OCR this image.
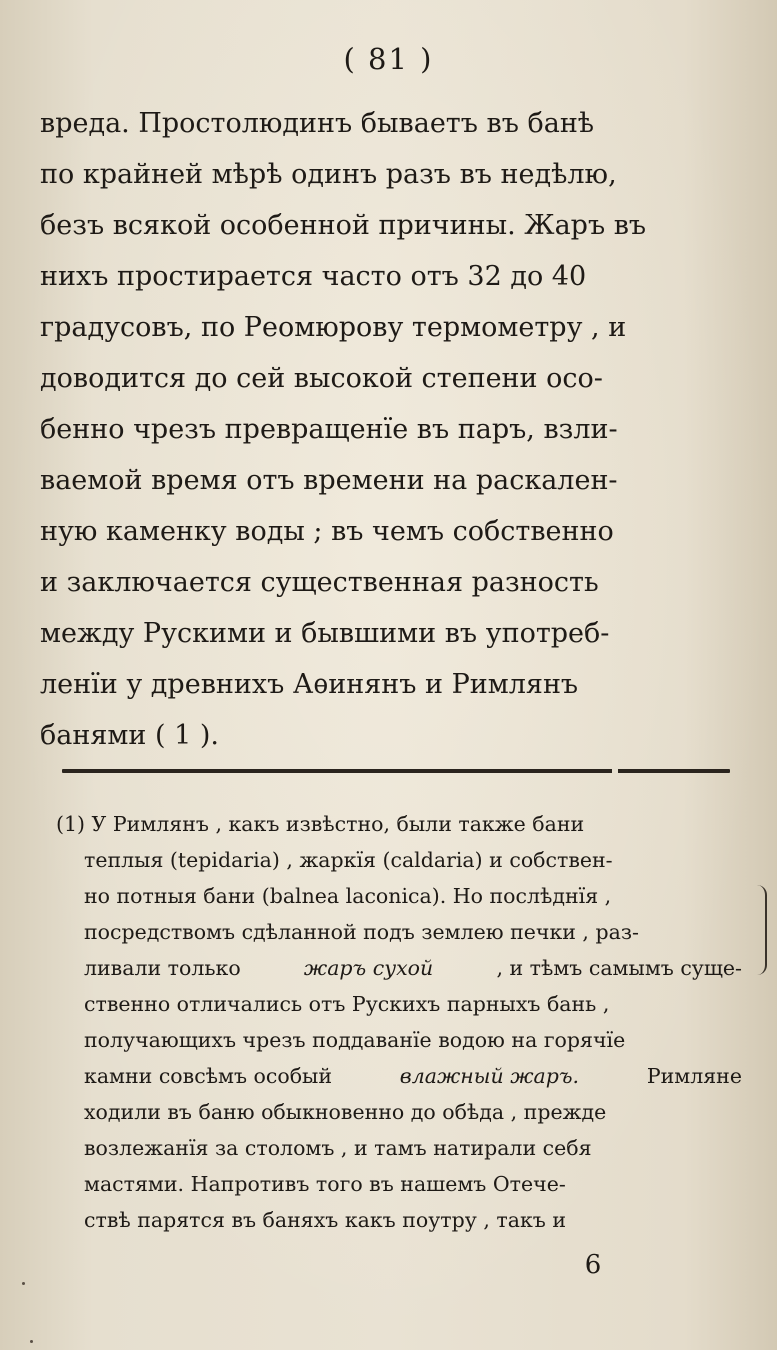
( 81 )
вреда. Простолюдинъ бываетъ въ банѣ
по крайней мѣрѣ одинъ разъ въ недѣлю,
безъ всякой особенной причины. Жаръ въ
нихъ простирается часто отъ 32 до 40
градусовъ, по Реомюрову термометру , и
доводится до сей высокой степени осо-
бенно чрезъ превращенїе въ паръ, взли-
ваемой время отъ времени на раскален-
ную каменку воды ; въ чемъ собственно
и заключается существенная разность
между Рускими и бывшими въ употреб-
ленїи у древнихъ Аѳинянъ и Римлянъ
банями ( 1 ).
(1) У Римлянъ , какъ извѣстно, были также бани
теплыя (tepidaria) , жаркїя (caldaria) и собствен-
но потныя бани (balnea laconica). Но послѣднїя ,
посредствомъ сдѣланной подъ землею печки , раз-
ливали только	жаръ сухой	, и тѣмъ самымъ суще-
ственно отличались отъ Рускихъ парныхъ бань ,
получающихъ чрезъ поддаванїе водою на горячїе
камни совсѣмъ особый	влажный жаръ.	Римляне
ходили въ баню обыкновенно до обѣда , прежде
возлежанїя за столомъ , и тамъ натирали себя
мастями. Напротивъ того въ нашемъ Отече-
ствѣ парятся въ баняхъ какъ поутру , такъ и
6
